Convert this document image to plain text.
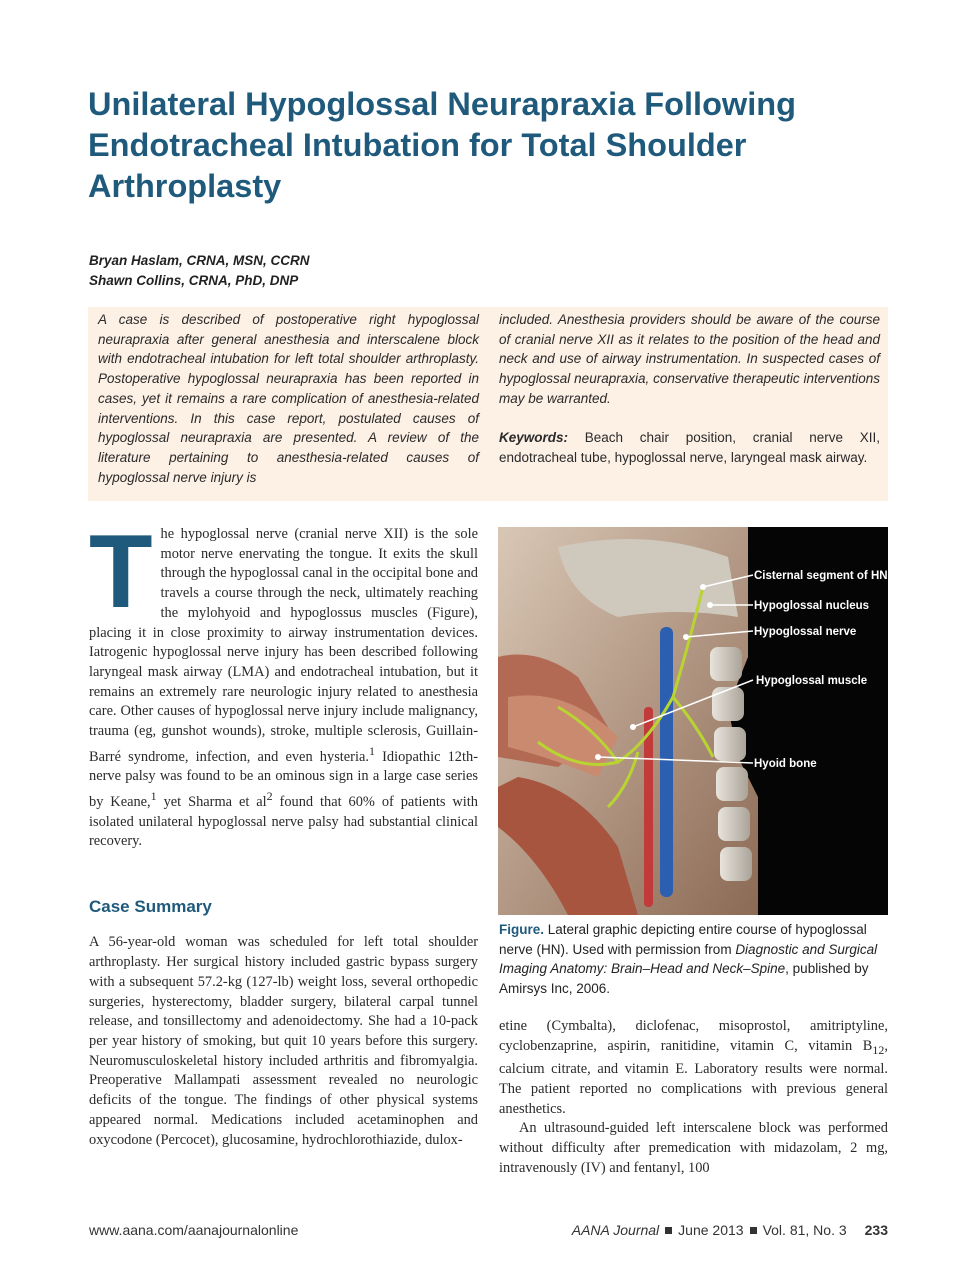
Unilateral Hypoglossal Neurapraxia Following Endotracheal Intubation for Total Shoulder Arthroplasty
Bryan Haslam, CRNA, MSN, CCRN
Shawn Collins, CRNA, PhD, DNP
A case is described of postoperative right hypoglossal neurapraxia after general anesthesia and interscalene block with endotracheal intubation for left total shoulder arthroplasty. Postoperative hypoglossal neurapraxia has been reported in cases, yet it remains a rare complication of anesthesia-related interventions. In this case report, postulated causes of hypoglossal neurapraxia are presented. A review of the literature pertaining to anesthesia-related causes of hypoglossal nerve injury is
included. Anesthesia providers should be aware of the course of cranial nerve XII as it relates to the position of the head and neck and use of airway instrumentation. In suspected cases of hypoglossal neurapraxia, conservative therapeutic interventions may be warranted.
Keywords: Beach chair position, cranial nerve XII, endotracheal tube, hypoglossal nerve, laryngeal mask airway.

The hypoglossal nerve (cranial nerve XII) is the sole motor nerve enervating the tongue. It exits the skull through the hypoglossal canal in the occipital bone and travels a course through the neck, ultimately reaching the mylohyoid and hypoglossus muscles (Figure), placing it in close proximity to airway instrumentation devices. Iatrogenic hypoglossal nerve injury has been described following laryngeal mask airway (LMA) and endotracheal intubation, but it remains an extremely rare neurologic injury related to anesthesia care. Other causes of hypoglossal nerve injury include malignancy, trauma (eg, gunshot wounds), stroke, multiple sclerosis, Guillain-Barré syndrome, infection, and even hysteria.$^1$ Idiopathic 12th-nerve palsy was found to be an ominous sign in a large case series by Keane,$^1$ yet Sharma et $al^2$ found that 60% of patients with isolated unilateral hypoglossal nerve palsy had substantial clinical recovery.

Case Summary

A 56-year-old woman was scheduled for left total shoulder arthroplasty. Her surgical history included gastric bypass surgery with a subsequent 57.2-kg (127-lb) weight loss, several orthopedic surgeries, hysterectomy, bladder surgery, bilateral carpal tunnel release, and tonsillectomy and adenoidectomy. She had a 10-pack per year history of smoking, but quit 10 years before this surgery. Neuromusculoskeletal history included arthritis and fibromyalgia. Preoperative Mallampati assessment revealed no neurologic deficits of the tongue. The findings of other physical systems appeared normal. Medications included acetaminophen and oxycodone (Percocet), glucosamine, hydrochlorothiazide, dulox-

Cisternal segment of HN
Hypoglossal nucleus
Hypoglossal nerve
Hypoglossal muscle
Hyoid bone
Figure. Lateral graphic depicting entire course of hypoglossal nerve (HN). Used with permission from Diagnostic and Surgical Imaging Anatomy: Brain–Head and Neck–Spine, published by Amirsys Inc, 2006.

etine (Cymbalta), diclofenac, misoprostol, amitriptyline, cyclobenzaprine, aspirin, ranitidine, vitamin C, vitamin $B_{12}$, calcium citrate, and vitamin E. Laboratory results were normal. The patient reported no complications with previous general anesthetics.

An ultrasound-guided left interscalene block was performed without difficulty after premedication with midazolam, 2 mg, intravenously (IV) and fentanyl, 100

www.aana.com/aanajournalonline	AANA Journal June 2013 Vol. 81, No. 3 233
